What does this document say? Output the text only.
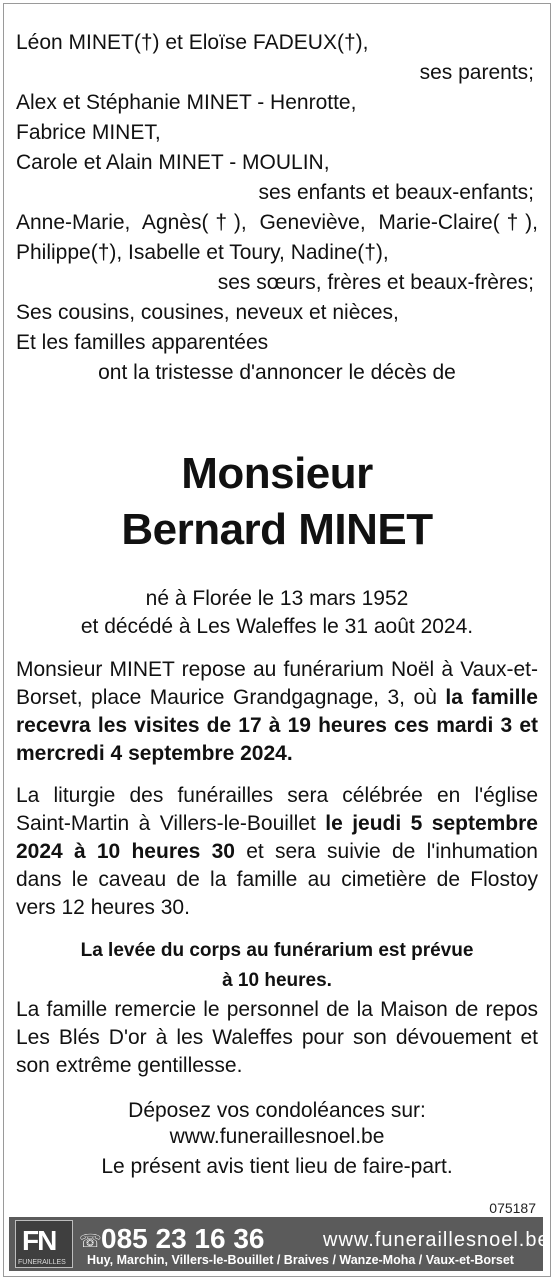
Léon MINET(†) et Eloïse FADEUX(†),
ses parents;
Alex et Stéphanie MINET - Henrotte,
Fabrice MINET,
Carole et Alain MINET - MOULIN,
ses enfants et beaux-enfants;
Anne-Marie, Agnès(†), Geneviève, Marie-Claire(†),
Philippe(†), Isabelle et Toury, Nadine(†),
ses sœurs, frères et beaux-frères;
Ses cousins, cousines, neveux et nièces,
Et les familles apparentées
ont la tristesse d'annoncer le décès de
Monsieur
Bernard MINET
né à Florée le 13 mars 1952
et décédé à Les Waleffes le 31 août 2024.
Monsieur MINET repose au funérarium Noël à Vaux-et-Borset, place Maurice Grandgagnage, 3, où la famille recevra les visites de 17 à 19 heures ces mardi 3 et mercredi 4 septembre 2024.
La liturgie des funérailles sera célébrée en l'église Saint-Martin à Villers-le-Bouillet le jeudi 5 septembre 2024 à 10 heures 30 et sera suivie de l'inhumation dans le caveau de la famille au cimetière de Flostoy vers 12 heures 30.
La levée du corps au funérarium est prévue
à 10 heures.
La famille remercie le personnel de la Maison de repos Les Blés D'or à les Waleffes pour son dévouement et son extrême gentillesse.
Déposez vos condoléances sur:
www.funeraillesnoel.be
Le présent avis tient lieu de faire-part.
075187
FN
FUNERAILLES
☏ 085 23 16 36	www.funeraillesnoel.be
Huy, Marchin, Villers-le-Bouillet / Braives / Wanze-Moha / Vaux-et-Borset
